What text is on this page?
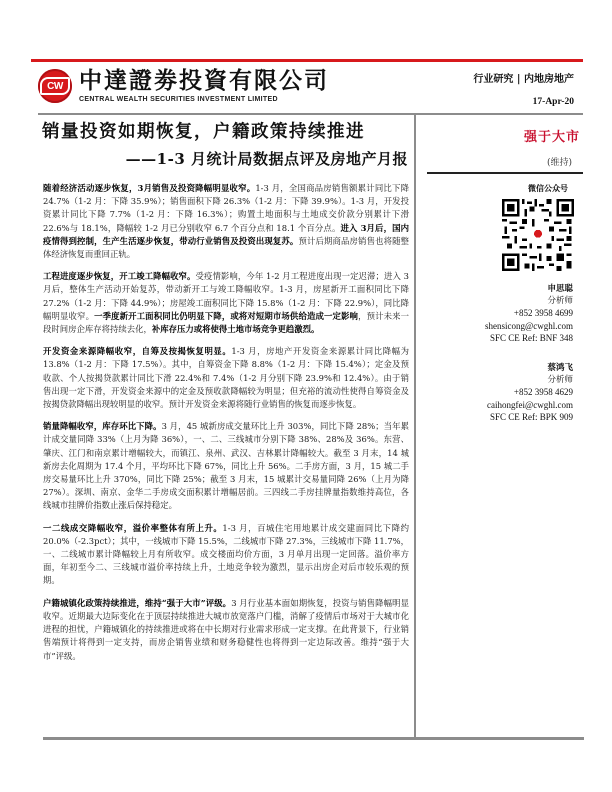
CW 中達證劵投資有限公司
CENTRAL WEALTH SECURITIES INVESTMENT LIMITED
行业研究 | 内地房地产
17-Apr-20
销量投资如期恢复，户籍政策持续推进
——1-3 月统计局数据点评及房地产月报
强于大市
(维持)
微信公众号
申思聪
分析师
+852 3958 4699
shensicong@cwghl.com
SFC CE Ref: BNF 348
蔡鸿飞
分析师
+852 3958 4629
caihongfei@cwghl.com
SFC CE Ref: BPK 909

随着经济活动逐步恢复，3月销售及投资降幅明显收窄。1-3 月，全国商品房销售额累计同比下降 24.7%（1-2 月：下降 35.9%）；销售面积下降 26.3%（1-2 月：下降 39.9%）。1-3 月，开发投资累计同比下降 7.7%（1-2 月：下降 16.3%）；购置土地面积与土地成交价款分别累计下滑 22.6%与 18.1%，降幅较 1-2 月已分别收窄 6.7 个百分点和 18.1 个百分点。进入 3月后，国内疫情得到控制，生产生活逐步恢复，带动行业销售及投资出现复苏。预计后期商品房销售也将随整体经济恢复而重回正轨。

工程进度逐步恢复，开工竣工降幅收窄。受疫情影响，今年 1-2 月工程进度出现一定迟滞；进入 3 月后，整体生产活动开始复苏，带动新开工与竣工降幅收窄。1-3 月，房屋新开工面积同比下降 27.2%（1-2 月：下降 44.9%）；房屋竣工面积同比下降 15.8%（1-2 月：下降 22.9%），同比降幅明显收窄。一季度新开工面积同比仍明显下降，或将对短期市场供给造成一定影响，预计未来一段时间房企库存将持续去化，补库存压力或将使得土地市场竞争更趋激烈。

开发资金来源降幅收窄，自筹及按揭恢复明显。1-3 月，房地产开发资金来源累计同比降幅为 13.8%（1-2 月：下降 17.5%）。其中，自筹资金下降 8.8%（1-2 月：下降 15.4%）；定金及预收款、个人按揭贷款累计同比下滑 22.4%和 7.4%（1-2 月分别下降 23.9%和 12.4%）。由于销售出现一定下滑，开发资金来源中的定金及预收款降幅较为明显；但充裕的流动性使得自筹资金及按揭贷款降幅出现较明显的收窄。预计开发资金来源将随行业销售的恢复而逐步恢复。

销量降幅收窄，库存环比下降。3 月，45 城新房成交量环比上升 303%，同比下降 28%；当年累计成交量同降 33%（上月为降 36%），一、二、三线城市分别下降 38%、28%及 36%。东营、肇庆、江门和南京累计增幅较大，而镇江、泉州、武汉、吉林累计降幅较大。截至 3 月末，14 城新房去化周期为 17.4 个月，平均环比下降 67%，同比上升 56%。二手房方面，3 月，15 城二手房交易量环比上升 370%，同比下降 25%；截至 3 月末，15 城累计交易量同降 26%（上月为降 27%）。深圳、南京、金华二手房成交面积累计增幅居前。三四线二手房挂牌量指数维持高位，各线城市挂牌价指数止涨后保持稳定。

一二线成交降幅收窄，溢价率整体有所上升。1-3 月，百城住宅用地累计成交建面同比下降约 20.0%（-2.3pct）；其中，一线城市下降 15.5%，二线城市下降 27.3%，三线城市下降 11.7%，一、二线城市累计降幅较上月有所收窄。成交楼面均价方面，3 月单月出现一定回落。溢价率方面，年初至今二、三线城市溢价率持续上升，土地竞争较为激烈，显示出房企对后市较乐观的预期。

户籍城镇化政策持续推进，维持“强于大市”评级。3 月行业基本面如期恢复，投资与销售降幅明显收窄。近期最大边际变化在于顶层持续推进大城市放宽落户门槛，消解了疫情后市场对于大城市化进程的担忧，户籍城镇化的持续推进或将在中长期对行业需求形成一定支撑。在此背景下，行业销售端预计将得到一定支持，而房企销售业绩和财务稳健性也将得到一定边际改善。维持“强于大市”评级。
